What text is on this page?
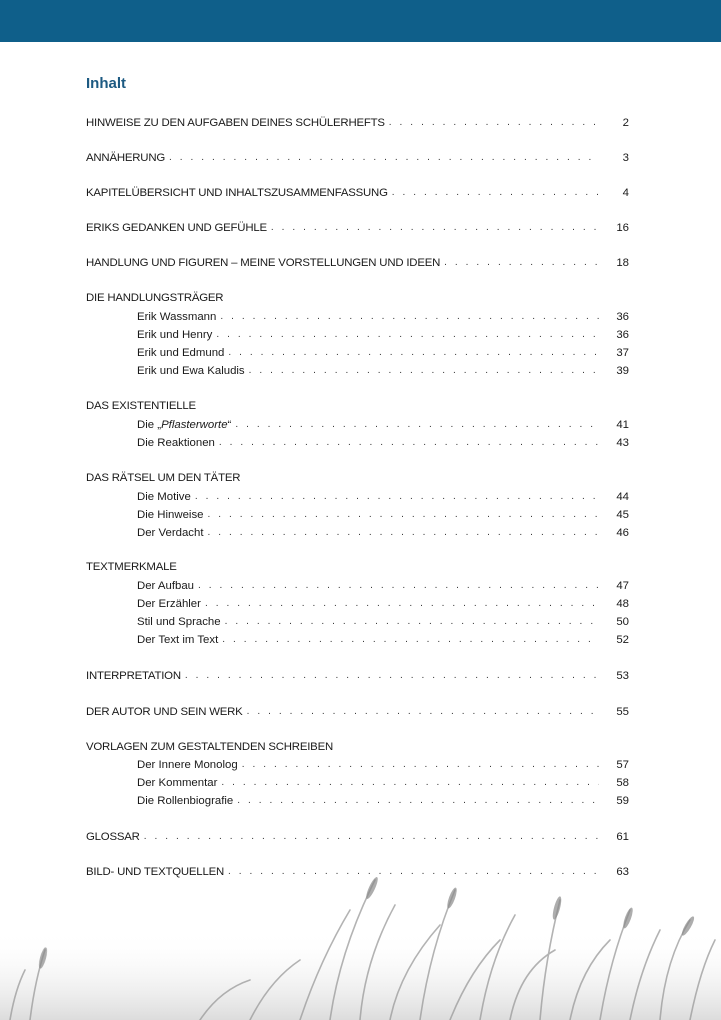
Inhalt
HINWEISE ZU DEN AUFGABEN DEINES SCHÜLERHEFTS . . .	2
ANNÄHERUNG . . .	3
KAPITELÜBERSICHT UND INHALTSZUSAMMENFASSUNG . . .	4
ERIKS GEDANKEN UND GEFÜHLE . . .	16
HANDLUNG UND FIGUREN – MEINE VORSTELLUNGEN UND IDEEN . . .	18
DIE HANDLUNGSTRÄGER
Erik Wassmann . . .	36
Erik und Henry . . .	36
Erik und Edmund . . .	37
Erik und Ewa Kaludis . . .	39
DAS EXISTENTIELLE
Die „Pflasterworte“ . . .	41
Die Reaktionen . . .	43
DAS RÄTSEL UM DEN TÄTER
Die Motive . . .	44
Die Hinweise . . .	45
Der Verdacht . . .	46
TEXTMERKMALE
Der Aufbau . . .	47
Der Erzähler . . .	48
Stil und Sprache . . .	50
Der Text im Text . . .	52
INTERPRETATION . . .	53
DER AUTOR UND SEIN WERK . . .	55
VORLAGEN ZUM GESTALTENDEN SCHREIBEN
Der Innere Monolog . . .	57
Der Kommentar . . .	58
Die Rollenbiografie . . .	59
GLOSSAR . . .	61
BILD- UND TEXTQUELLEN . . .	63
